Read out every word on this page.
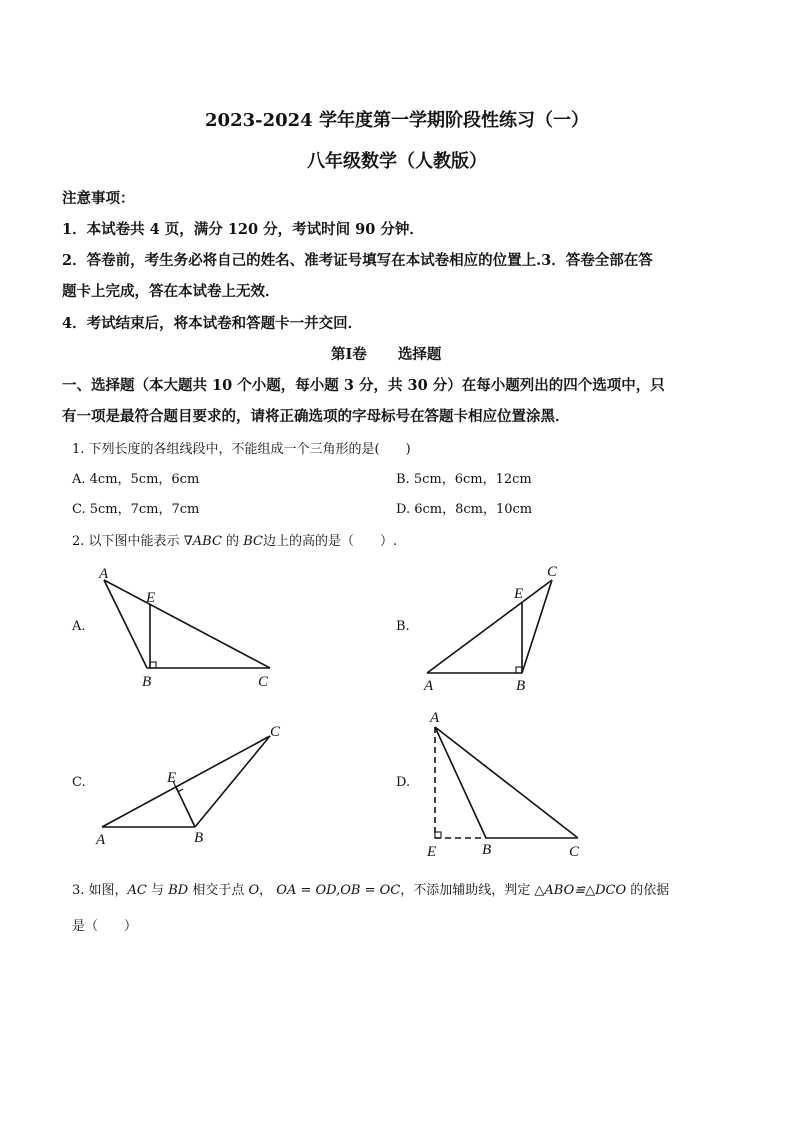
2023-2024 学年度第一学期阶段性练习（一）
八年级数学（人教版）
注意事项：
1．本试卷共 4 页，满分 120 分，考试时间 90 分钟．
2．答卷前，考生务必将自己的姓名、准考证号填写在本试卷相应的位置上.3．答卷全部在答
题卡上完成，答在本试卷上无效．
4．考试结束后，将本试卷和答题卡一并交回．
第Ⅰ卷 选择题
一、选择题（本大题共 10 个小题，每小题 3 分，共 30 分）在每小题列出的四个选项中，只
有一项是最符合题目要求的，请将正确选项的字母标号在答题卡相应位置涂黑．
1. 下列长度的各组线段中，不能组成一个三角形的是(　　)
A. 4cm，5cm，6cm	B. 5cm，6cm，12cm
C. 5cm，7cm，7cm	D. 6cm，8cm，10cm
2. 以下图中能表示 ∇ABC 的 BC边上的高的是（　　）.
A.
A
E
B	C
B.
C
E
A	B
C.
C
E
A	B
D.
A
E	B	C
3. 如图，AC 与 BD 相交于点 O， OA = OD,OB = OC，不添加辅助线，判定 △ABO≌△DCO 的依据
是（　　）
